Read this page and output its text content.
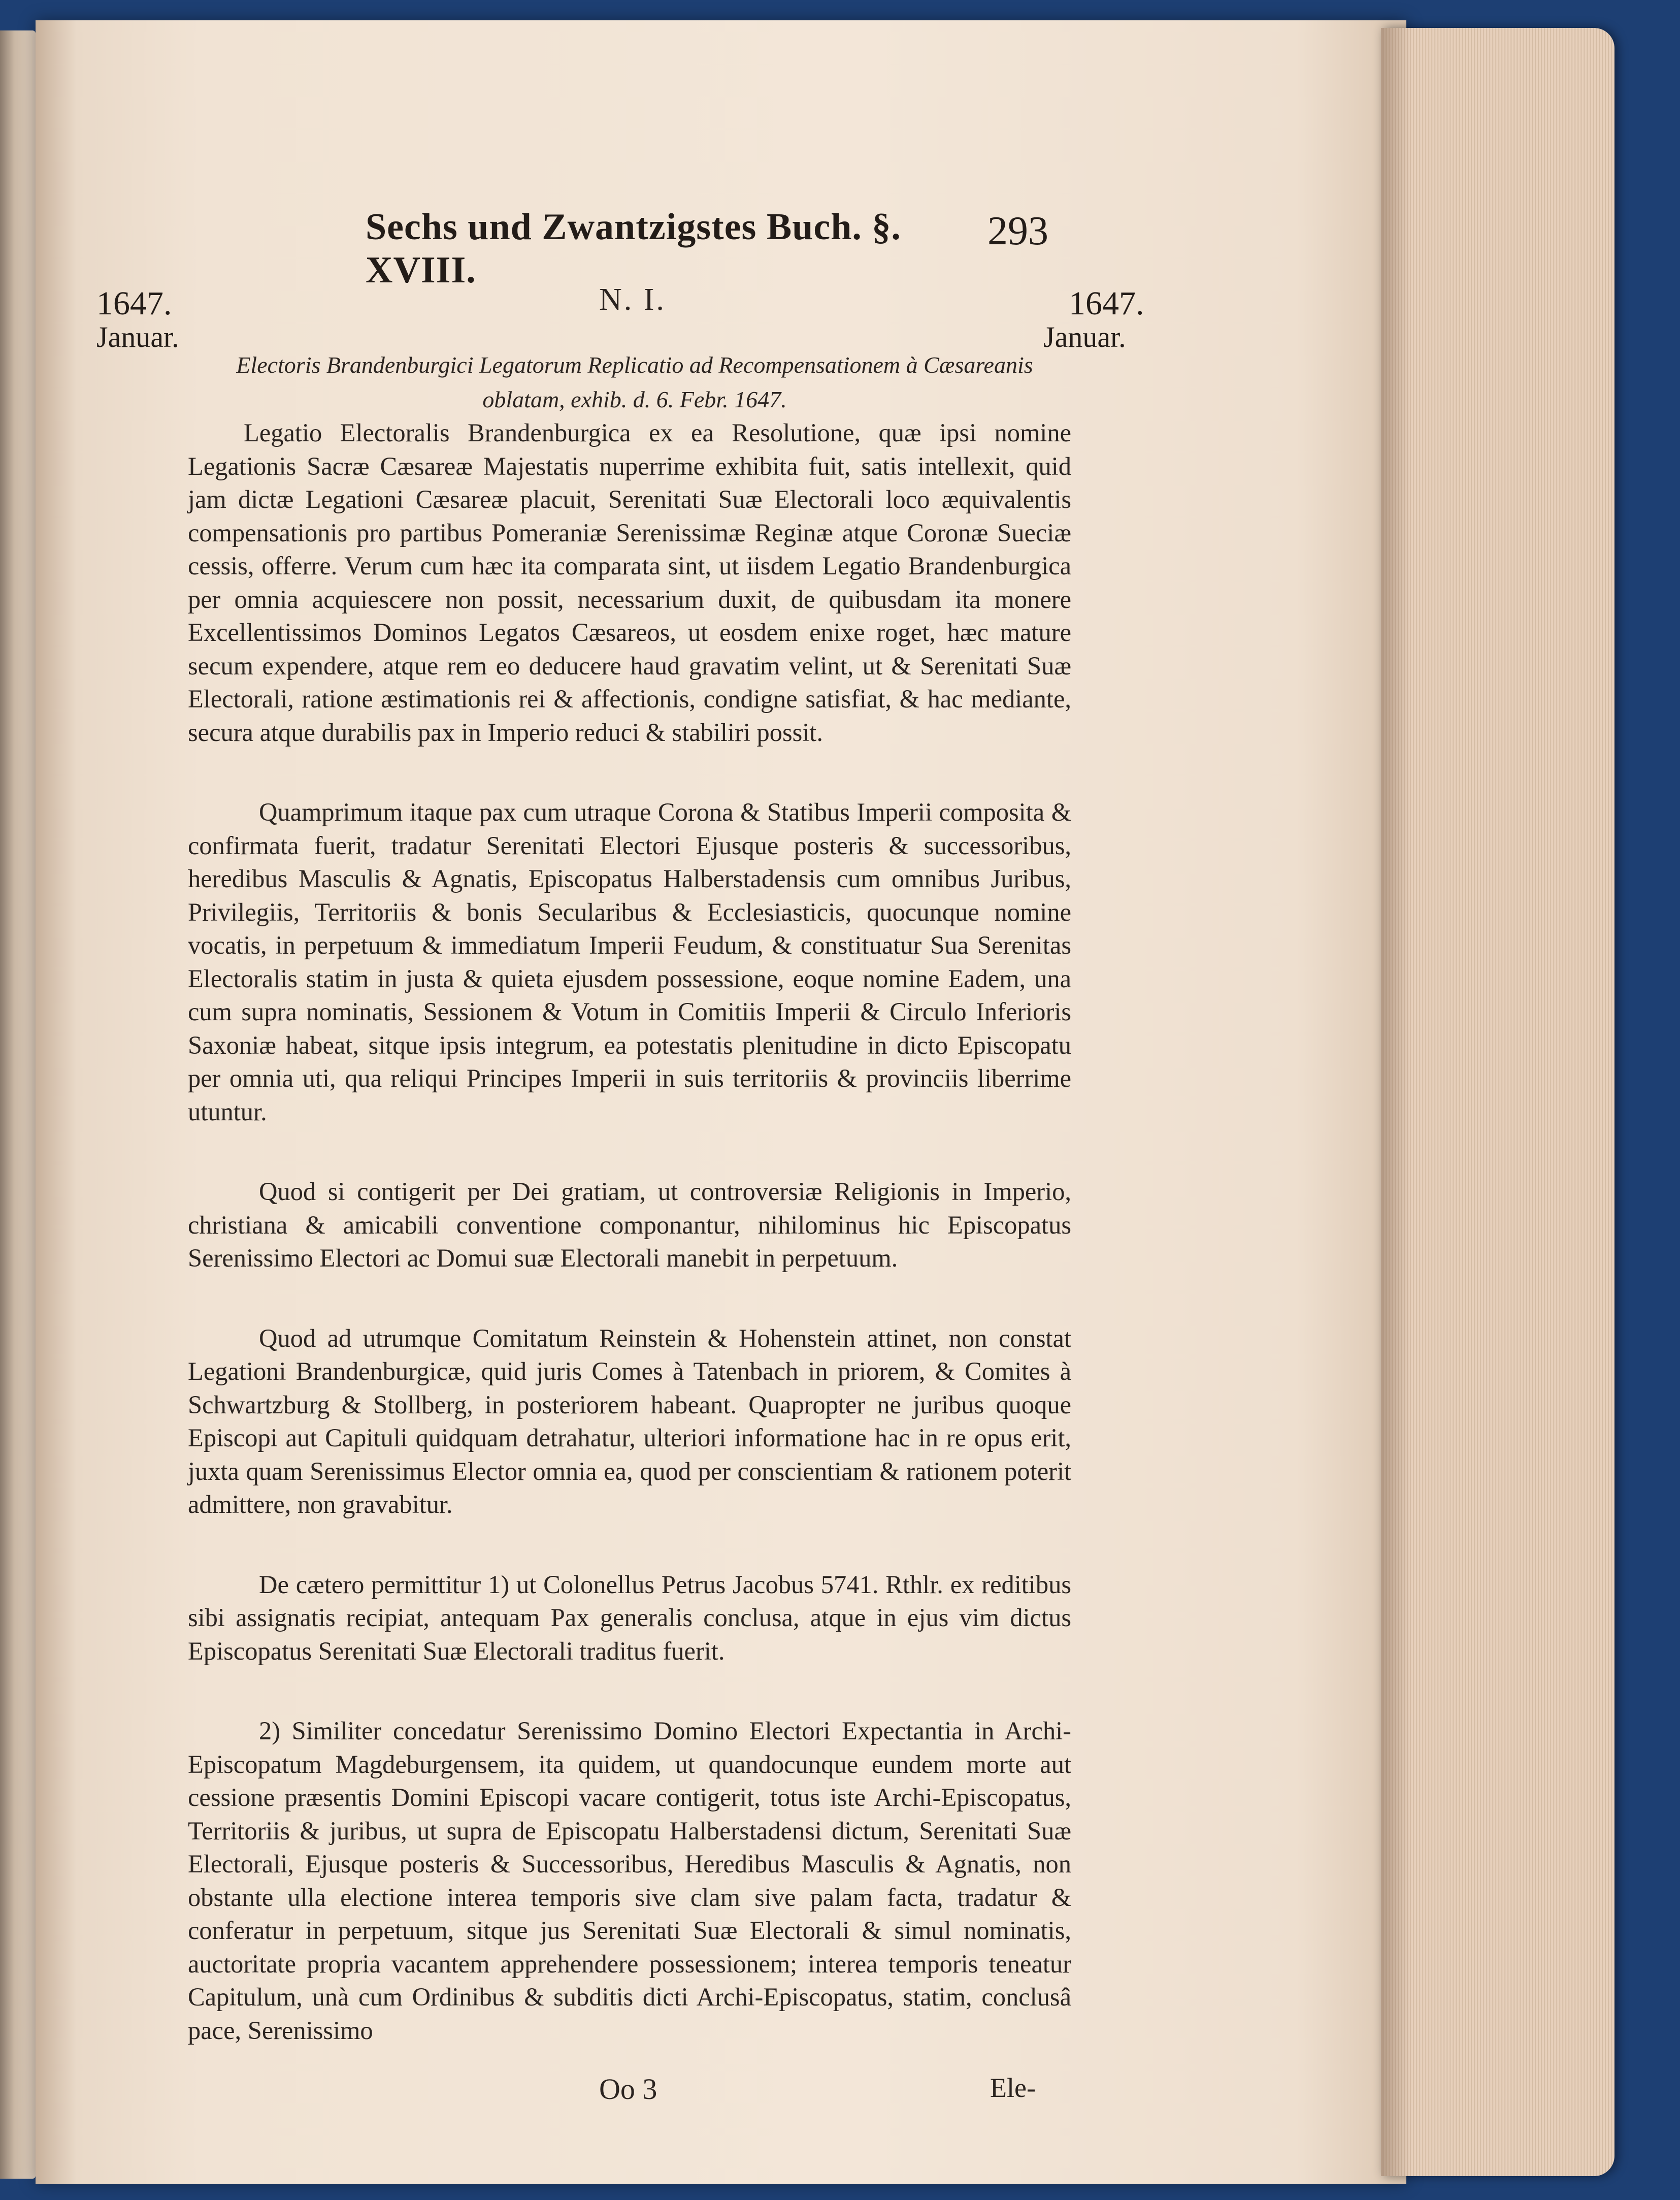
Sechs und Zwantzigstes Buch. §. XVIII.
293
1647.
Januar.
1647.
Januar.
N. I.
Electoris Brandenburgici Legatorum Replicatio ad Recompensationem à Cæsareanis
oblatam, exhib. d. 6. Febr. 1647.

Legatio Electoralis Brandenburgica ex ea Resolutione, quæ ipsi nomine Legationis Sacræ Cæsareæ Majestatis nuperrime exhibita fuit, satis intellexit, quid jam dictæ Legationi Cæsareæ placuit, Serenitati Suæ Electorali loco æquivalentis compensationis pro partibus Pomeraniæ Serenissimæ Reginæ atque Coronæ Sueciæ cessis, offerre. Verum cum hæc ita comparata sint, ut iisdem Legatio Brandenburgica per omnia acquiescere non possit, necessarium duxit, de quibusdam ita monere Excellentissimos Dominos Legatos Cæsareos, ut eosdem enixe roget, hæc mature secum expendere, atque rem eo deducere haud gravatim velint, ut & Serenitati Suæ Electorali, ratione æstimationis rei & affectionis, condigne satisfiat, & hac mediante, secura atque durabilis pax in Imperio reduci & stabiliri possit.

Quamprimum itaque pax cum utraque Corona & Statibus Imperii composita & confirmata fuerit, tradatur Serenitati Electori Ejusque posteris & successoribus, heredibus Masculis & Agnatis, Episcopatus Halberstadensis cum omnibus Juribus, Privilegiis, Territoriis & bonis Secularibus & Ecclesiasticis, quocunque nomine vocatis, in perpetuum & immediatum Imperii Feudum, & constituatur Sua Serenitas Electoralis statim in justa & quieta ejusdem possessione, eoque nomine Eadem, una cum supra nominatis, Sessionem & Votum in Comitiis Imperii & Circulo Inferioris Saxoniæ habeat, sitque ipsis integrum, ea potestatis plenitudine in dicto Episcopatu per omnia uti, qua reliqui Principes Imperii in suis territoriis & provinciis liberrime utuntur.

Quod si contigerit per Dei gratiam, ut controversiæ Religionis in Imperio, christiana & amicabili conventione componantur, nihilominus hic Episcopatus Serenissimo Electori ac Domui suæ Electorali manebit in perpetuum.

Quod ad utrumque Comitatum Reinstein & Hohenstein attinet, non constat Legationi Brandenburgicæ, quid juris Comes à Tatenbach in priorem, & Comites à Schwartzburg & Stollberg, in posteriorem habeant. Quapropter ne juribus quoque Episcopi aut Capituli quidquam detrahatur, ulteriori informatione hac in re opus erit, juxta quam Serenissimus Elector omnia ea, quod per conscientiam & rationem poterit admittere, non gravabitur.

De cætero permittitur 1) ut Colonellus Petrus Jacobus 5741. Rthlr. ex reditibus sibi assignatis recipiat, antequam Pax generalis conclusa, atque in ejus vim dictus Episcopatus Serenitati Suæ Electorali traditus fuerit.

2) Similiter concedatur Serenissimo Domino Electori Expectantia in Archi-Episcopatum Magdeburgensem, ita quidem, ut quandocunque eundem morte aut cessione præsentis Domini Episcopi vacare contigerit, totus iste Archi-Episcopatus, Territoriis & juribus, ut supra de Episcopatu Halberstadensi dictum, Serenitati Suæ Electorali, Ejusque posteris & Successoribus, Heredibus Masculis & Agnatis, non obstante ulla electione interea temporis sive clam sive palam facta, tradatur & conferatur in perpetuum, sitque jus Serenitati Suæ Electorali & simul nominatis, auctoritate propria vacantem apprehendere possessionem; interea temporis teneatur Capitulum, unà cum Ordinibus & subditis dicti Archi-Episcopatus, statim, conclusâ pace, Serenissimo

Oo 3	Ele-
